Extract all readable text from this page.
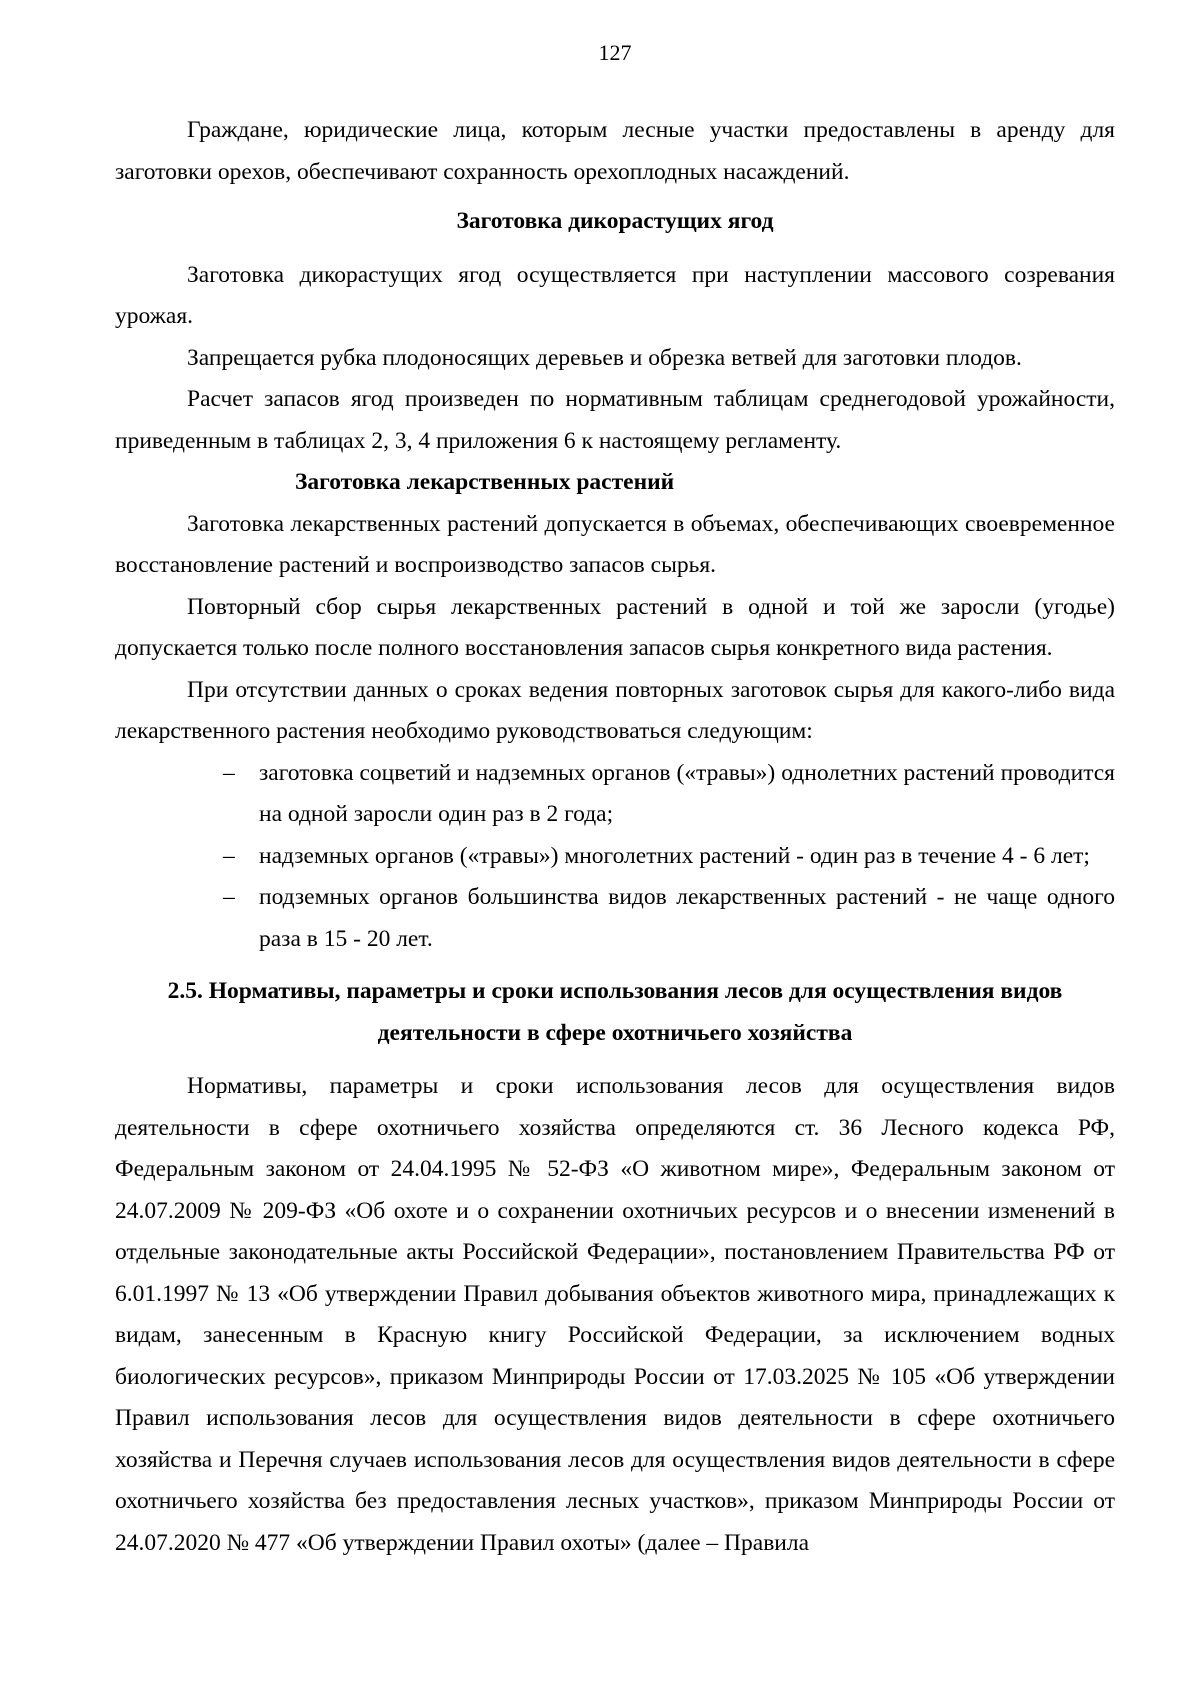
127

Граждане, юридические лица, которым лесные участки предоставлены в аренду для заготовки орехов, обеспечивают сохранность орехоплодных насаждений.

Заготовка дикорастущих ягод

Заготовка дикорастущих ягод осуществляется при наступлении массового созревания урожая.

Запрещается рубка плодоносящих деревьев и обрезка ветвей для заготовки плодов.

Расчет запасов ягод произведен по нормативным таблицам среднегодовой урожайности, приведенным в таблицах 2, 3, 4 приложения 6 к настоящему регламенту.

Заготовка лекарственных растений

Заготовка лекарственных растений допускается в объемах, обеспечивающих своевременное восстановление растений и воспроизводство запасов сырья.

Повторный сбор сырья лекарственных растений в одной и той же заросли (угодье) допускается только после полного восстановления запасов сырья конкретного вида растения.

При отсутствии данных о сроках ведения повторных заготовок сырья для какого-либо вида лекарственного растения необходимо руководствоваться следующим:

– заготовка соцветий и надземных органов («травы») однолетних растений проводится на одной заросли один раз в 2 года;
– надземных органов («травы») многолетних растений - один раз в течение 4 - 6 лет;
– подземных органов большинства видов лекарственных растений - не чаще одного раза в 15 - 20 лет.
2.5. Нормативы, параметры и сроки использования лесов для осуществления видов деятельности в сфере охотничьего хозяйства

Нормативы, параметры и сроки использования лесов для осуществления видов деятельности в сфере охотничьего хозяйства определяются ст. 36 Лесного кодекса РФ, Федеральным законом от 24.04.1995 № 52-ФЗ «О животном мире», Федеральным законом от 24.07.2009 № 209-ФЗ «Об охоте и о сохранении охотничьих ресурсов и о внесении изменений в отдельные законодательные акты Российской Федерации», постановлением Правительства РФ от 6.01.1997 № 13 «Об утверждении Правил добывания объектов животного мира, принадлежащих к видам, занесенным в Красную книгу Российской Федерации, за исключением водных биологических ресурсов», приказом Минприроды России от 17.03.2025 № 105 «Об утверждении Правил использования лесов для осуществления видов деятельности в сфере охотничьего хозяйства и Перечня случаев использования лесов для осуществления видов деятельности в сфере охотничьего хозяйства без предоставления лесных участков», приказом Минприроды России от 24.07.2020 № 477 «Об утверждении Правил охоты» (далее – Правила
